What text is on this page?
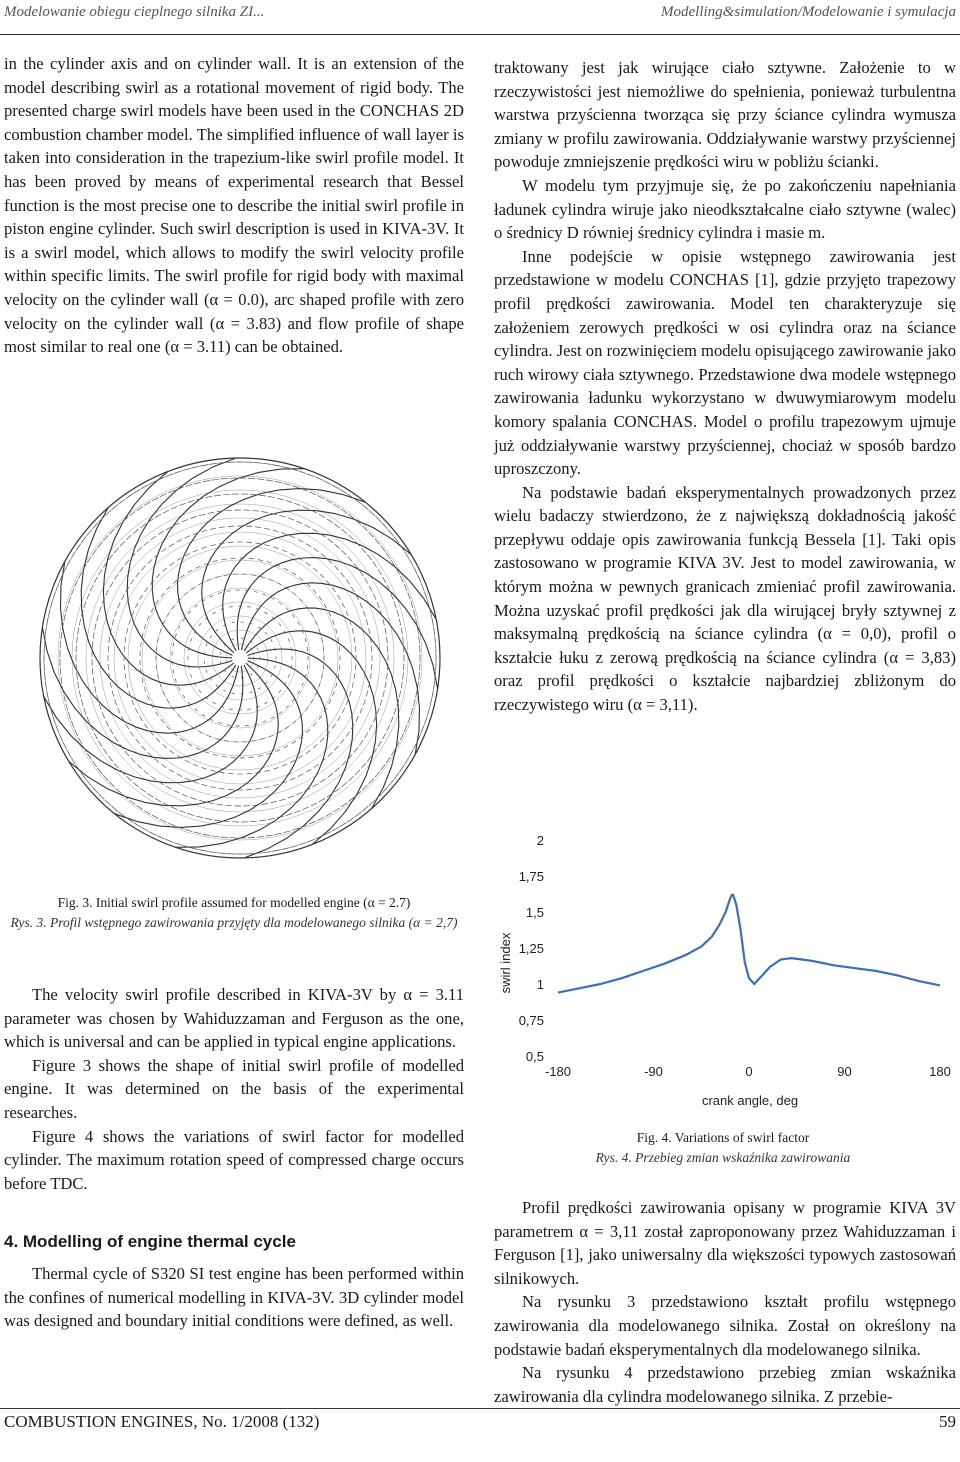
Modelowanie obiegu cieplnego silnika ZI...	Modelling&simulation/Modelowanie i symulacja

in the cylinder axis and on cylinder wall. It is an extension of the model describing swirl as a rotational movement of rigid body. The presented charge swirl models have been used in the CONCHAS 2D combustion chamber model. The simplified influence of wall layer is taken into consideration in the trapezium-like swirl profile model. It has been proved by means of experimental research that Bessel function is the most precise one to describe the initial swirl profile in piston engine cylinder. Such swirl description is used in KIVA-3V. It is a swirl model, which allows to modify the swirl velocity profile within specific limits. The swirl profile for rigid body with maximal velocity on the cylinder wall (α = 0.0), arc shaped profile with zero velocity on the cylinder wall (α = 3.83) and flow profile of shape most similar to real one (α = 3.11) can be obtained.

Fig. 3. Initial swirl profile assumed for modelled engine (α = 2.7)
Rys. 3. Profil wstępnego zawirowania przyjęty dla modelowanego silnika (α = 2,7)

The velocity swirl profile described in KIVA-3V by α = 3.11 parameter was chosen by Wahiduzzaman and Ferguson as the one, which is universal and can be applied in typical engine applications.

Figure 3 shows the shape of initial swirl profile of modelled engine. It was determined on the basis of the experimental researches.

Figure 4 shows the variations of swirl factor for modelled cylinder. The maximum rotation speed of compressed charge occurs before TDC.

4. Modelling of engine thermal cycle

Thermal cycle of S320 SI test engine has been performed within the confines of numerical modelling in KIVA-3V. 3D cylinder model was designed and boundary initial conditions were defined, as well.

traktowany jest jak wirujące ciało sztywne. Założenie to w rzeczywistości jest niemożliwe do spełnienia, ponieważ turbulentna warstwa przyścienna tworząca się przy ściance cylindra wymusza zmiany w profilu zawirowania. Oddziaływanie warstwy przyściennej powoduje zmniejszenie prędkości wiru w pobliżu ścianki.

W modelu tym przyjmuje się, że po zakończeniu napełniania ładunek cylindra wiruje jako nieodkształcalne ciało sztywne (walec) o średnicy D równiej średnicy cylindra i masie m.

Inne podejście w opisie wstępnego zawirowania jest przedstawione w modelu CONCHAS [1], gdzie przyjęto trapezowy profil prędkości zawirowania. Model ten charakteryzuje się założeniem zerowych prędkości w osi cylindra oraz na ściance cylindra. Jest on rozwinięciem modelu opisującego zawirowanie jako ruch wirowy ciała sztywnego. Przedstawione dwa modele wstępnego zawirowania ładunku wykorzystano w dwuwymiarowym modelu komory spalania CONCHAS. Model o profilu trapezowym ujmuje już oddziaływanie warstwy przyściennej, chociaż w sposób bardzo uproszczony.

Na podstawie badań eksperymentalnych prowadzonych przez wielu badaczy stwierdzono, że z największą dokładnością jakość przepływu oddaje opis zawirowania funkcją Bessela [1]. Taki opis zastosowano w programie KIVA 3V. Jest to model zawirowania, w którym można w pewnych granicach zmieniać profil zawirowania. Można uzyskać profil prędkości jak dla wirującej bryły sztywnej z maksymalną prędkością na ściance cylindra (α = 0,0), profil o kształcie łuku z zerową prędkością na ściance cylindra (α = 3,83) oraz profil prędkości o kształcie najbardziej zbliżonym do rzeczywistego wiru (α = 3,11).

swirl index
crank angle, deg
0,5
0,75
1
1,25
1,5
1,75
2
-180	-90	0	90	180
Fig. 4. Variations of swirl factor
Rys. 4. Przebieg zmian wskaźnika zawirowania

Profil prędkości zawirowania opisany w programie KIVA 3V parametrem α = 3,11 został zaproponowany przez Wahiduzzaman i Ferguson [1], jako uniwersalny dla większości typowych zastosowań silnikowych.

Na rysunku 3 przedstawiono kształt profilu wstępnego zawirowania dla modelowanego silnika. Został on określony na podstawie badań eksperymentalnych dla modelowanego silnika.

Na rysunku 4 przedstawiono przebieg zmian wskaźnika zawirowania dla cylindra modelowanego silnika. Z przebie-

COMBUSTION ENGINES, No. 1/2008 (132)	59
